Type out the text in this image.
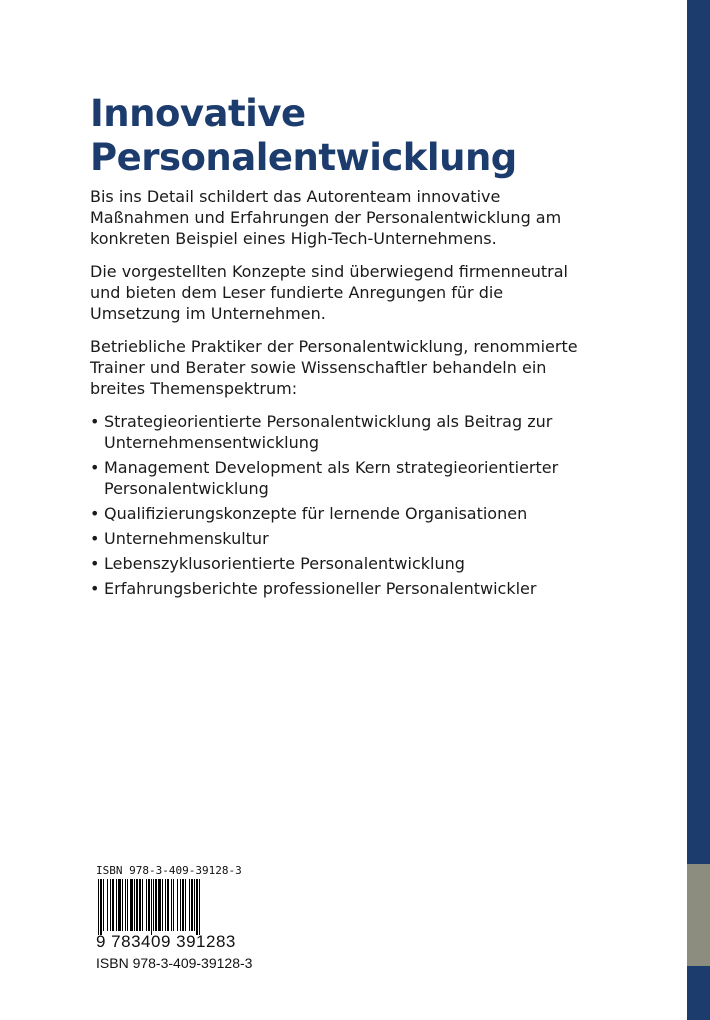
Innovative
Personalentwicklung

Bis ins Detail schildert das Autorenteam innovative Maßnahmen und Erfahrungen der Personalentwicklung am konkreten Beispiel eines High-Tech-Unternehmens.

Die vorgestellten Konzepte sind überwiegend firmenneutral und bieten dem Leser fundierte Anregungen für die Umsetzung im Unternehmen.

Betriebliche Praktiker der Personalentwicklung, renommierte Trainer und Berater sowie Wissenschaftler behandeln ein breites Themenspektrum:

• Strategieorientierte Personalentwicklung als Beitrag zur Unternehmensentwicklung
• Management Development als Kern strategieorientierter Personalentwicklung
• Qualifizierungskonzepte für lernende Organisationen
• Unternehmenskultur
• Lebenszyklusorientierte Personalentwicklung
• Erfahrungsberichte professioneller Personalentwickler
ISBN 978-3-409-39128-3
9 783409 391283
ISBN 978-3-409-39128-3
